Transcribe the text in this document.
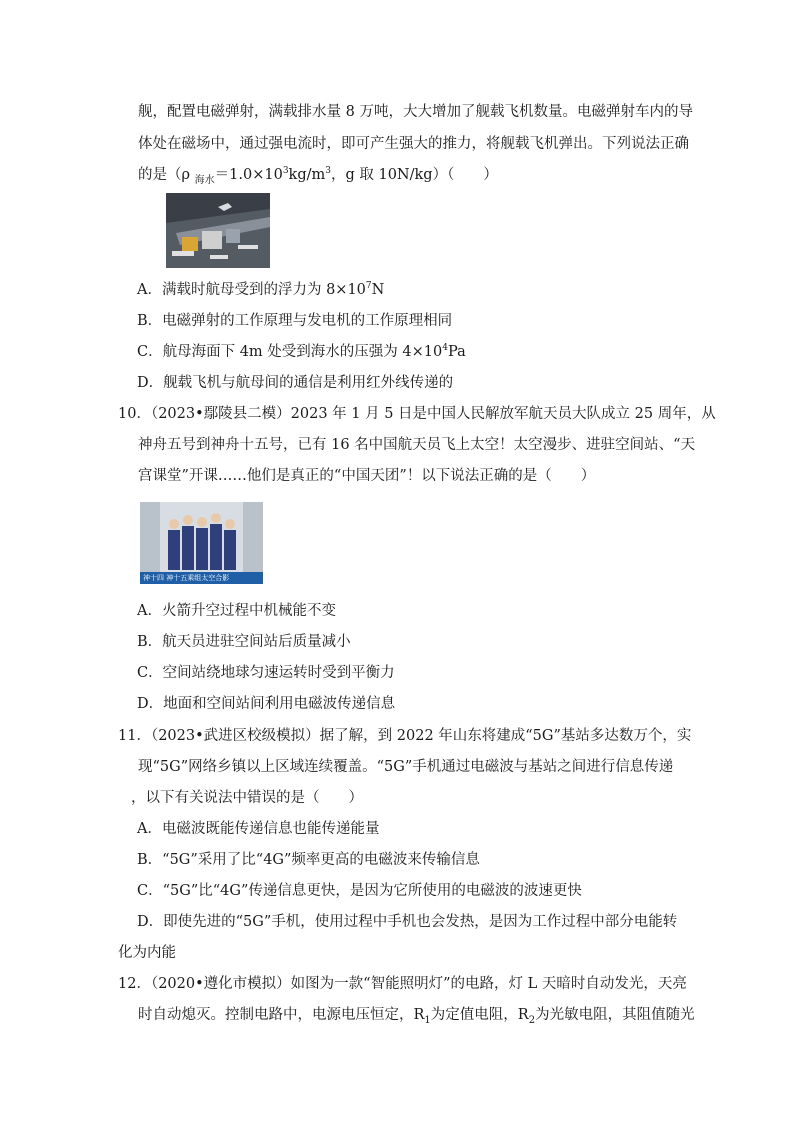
舰，配置电磁弹射，满载排水量 8 万吨，大大增加了舰载飞机数量。电磁弹射车内的导
体处在磁场中，通过强电流时，即可产生强大的推力，将舰载飞机弹出。下列说法正确
的是（ρ $_{海水}=1.0\times 10^3kg/m^3$，g 取 10N/kg）（　　）
A．满载时航母受到的浮力为 $8\times 10^7N$
B．电磁弹射的工作原理与发电机的工作原理相同
C．航母海面下 4m 处受到海水的压强为 $4\times 10^4Pa$
D．舰载飞机与航母间的通信是利用红外线传递的
10．（2023•鄢陵县二模）2023 年 1 月 5 日是中国人民解放军航天员大队成立 25 周年，从
神舟五号到神舟十五号，已有 16 名中国航天员飞上太空！太空漫步、进驻空间站、“天
宫课堂”开课……他们是真正的“中国天团”！以下说法正确的是（　　）
神十四 神十五乘组太空合影
A．火箭升空过程中机械能不变
B．航天员进驻空间站后质量减小
C．空间站绕地球匀速运转时受到平衡力
D．地面和空间站间利用电磁波传递信息
11．（2023•武进区校级模拟）据了解，到 2022 年山东将建成“5G”基站多达数万个，实
现“5G”网络乡镇以上区域连续覆盖。“5G”手机通过电磁波与基站之间进行信息传递
，以下有关说法中错误的是（　　）
A．电磁波既能传递信息也能传递能量
B．“5G”采用了比“4G”频率更高的电磁波来传输信息
C．“5G”比“4G”传递信息更快，是因为它所使用的电磁波的波速更快
D．即使先进的“5G”手机，使用过程中手机也会发热，是因为工作过程中部分电能转
化为内能
12．（2020•遵化市模拟）如图为一款“智能照明灯”的电路，灯 L 天暗时自动发光，天亮
时自动熄灭。控制电路中，电源电压恒定，$R_1$为定值电阻，$R_2$为光敏电阻，其阻值随光
